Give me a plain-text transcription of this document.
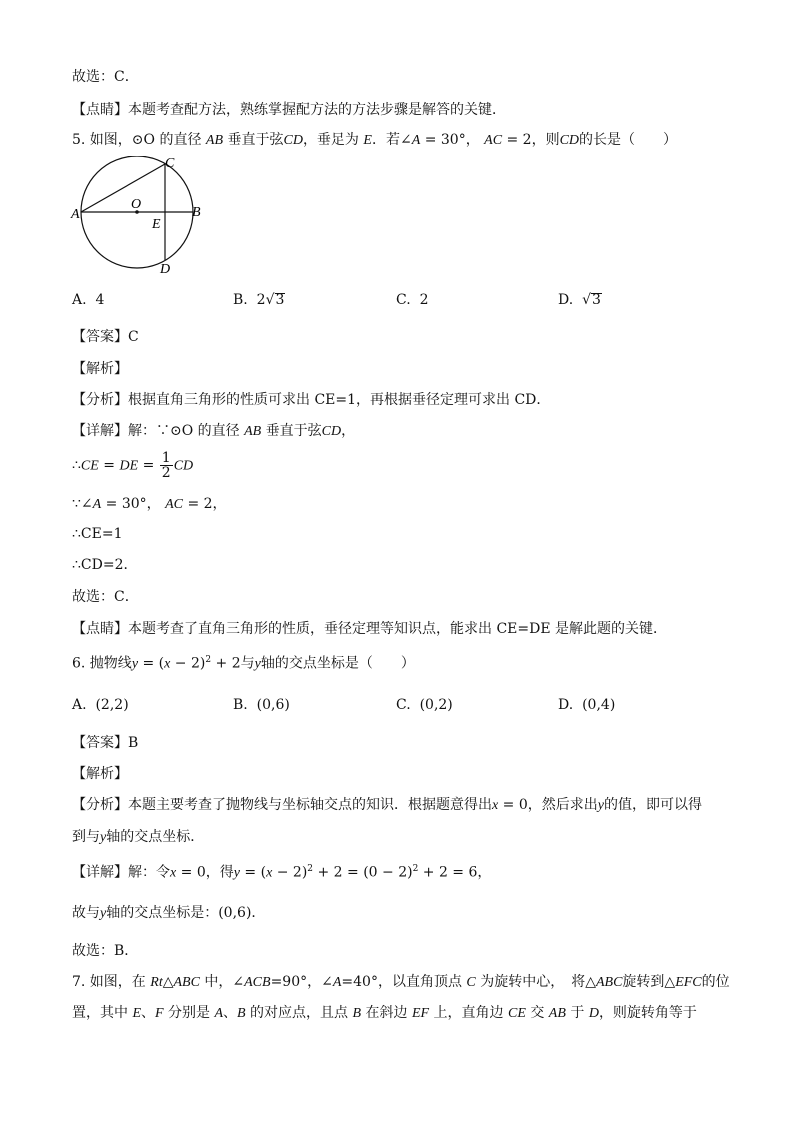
故选：C．
【点睛】本题考查配方法，熟练掌握配方法的方法步骤是解答的关键．
5. 如图，⊙O 的直径 AB 垂直于弦CD，垂足为 E．若∠A = 30°， AC = 2，则CD的长是（　　）
A	B
C
D
O
E
A. 4	B. 2√3	C. 2	D. √3
【答案】C
【解析】
【分析】根据直角三角形的性质可求出 CE=1，再根据垂径定理可求出 CD．
【详解】解：∵⊙O 的直径 AB 垂直于弦CD，
∴CE = DE = $\frac{1}{2}$ CD
∵∠A = 30°， AC = 2，
∴CE=1
∴CD=2．
故选：C．
【点睛】本题考查了直角三角形的性质，垂径定理等知识点，能求出 CE=DE 是解此题的关键．
6. 抛物线$y = (x - 2)^2 + 2$与y轴的交点坐标是（　　）
A. (2,2)	B. (0,6)	C. (0,2)	D. (0,4)
【答案】B
【解析】
【分析】本题主要考查了抛物线与坐标轴交点的知识．根据题意得出x = 0，然后求出y的值，即可以得
到与y轴的交点坐标．
【详解】解：令x = 0，得$y = (x - 2)^2 + 2 = (0 - 2)^2 + 2 = 6$，
故与y轴的交点坐标是：(0,6)．
故选：B．
7. 如图，在 Rt△ABC 中，∠ACB=90°，∠A=40°，以直角顶点 C 为旋转中心，　将△ABC旋转到△EFC的位
置，其中 E、F 分别是 A、B 的对应点，且点 B 在斜边 EF 上，直角边 CE 交 AB 于 D，则旋转角等于
